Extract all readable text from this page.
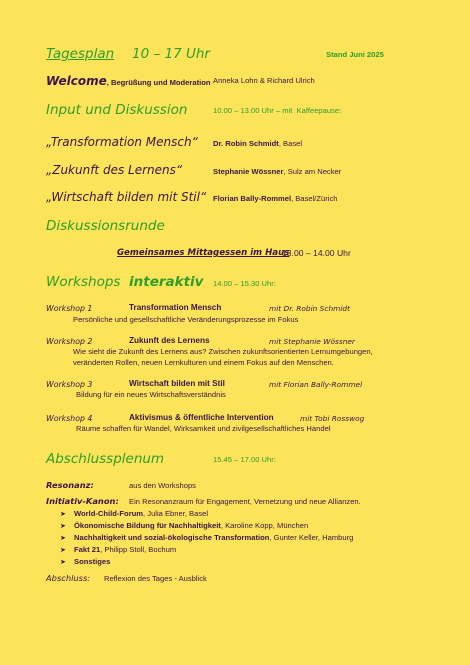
Tagesplan 10 – 17 Uhr	Stand Juni 2025
Welcome, Begrüßung und Moderation Anneka Lohn & Richard Ulrich
Input und Diskussion	10.00 – 13.00 Uhr – mit Kaffeepause:
„Transformation Mensch“ Dr. Robin Schmidt, Basel
„Zukunft des Lernens“	Stephanie Wössner, Sulz am Necker
„Wirtschaft bilden mit Stil“ Florian Bally-Rommel, Basel/Zürich
Diskussionsrunde
Gemeinsames Mittagessen im Haus
13.00 – 14.00 Uhr
Workshops interaktiv 14.00 – 15.30 Uhr:
Workshop 1	Transformation Mensch	mit Dr. Robin Schmidt
Persönliche und gesellschaftliche Veränderungsprozesse im Fokus
Workshop 2	Zukunft des Lernens	mit Stephanie Wössner
Wie sieht die Zukunft des Lernens aus? Zwischen zukunftsorientierten Lernumgebungen,
veränderten Rollen, neuen Lernkulturen und einem Fokus auf den Menschen.
Workshop 3	Wirtschaft bilden mit Stil	mit Florian Bally-Rommel
Bildung für ein neues Wirtschaftsverständnis
Workshop 4	Aktivismus & öffentliche Intervention	mit Tobi Rosswog
Räume schaffen für Wandel, Wirksamkeit und zivilgesellschaftliches Handel
Abschlussplenum	15.45 – 17.00 Uhr:
Resonanz:	aus den Workshops
Initiativ-Kanon: Ein Resonanzraum für Engagement, Vernetzung und neue Allianzen.
➤ World-Child-Forum, Julia Ebner, Basel
➤ Ökonomische Bildung für Nachhaltigkeit, Karoline Kopp, München
➤ Nachhaltigkeit und sozial-ökologische Transformation, Gunter Keller, Hamburg
➤ Fakt 21, Philipp Stoll, Bochum
➤ Sonstiges
Abschluss: Reflexion des Tages - Ausblick
